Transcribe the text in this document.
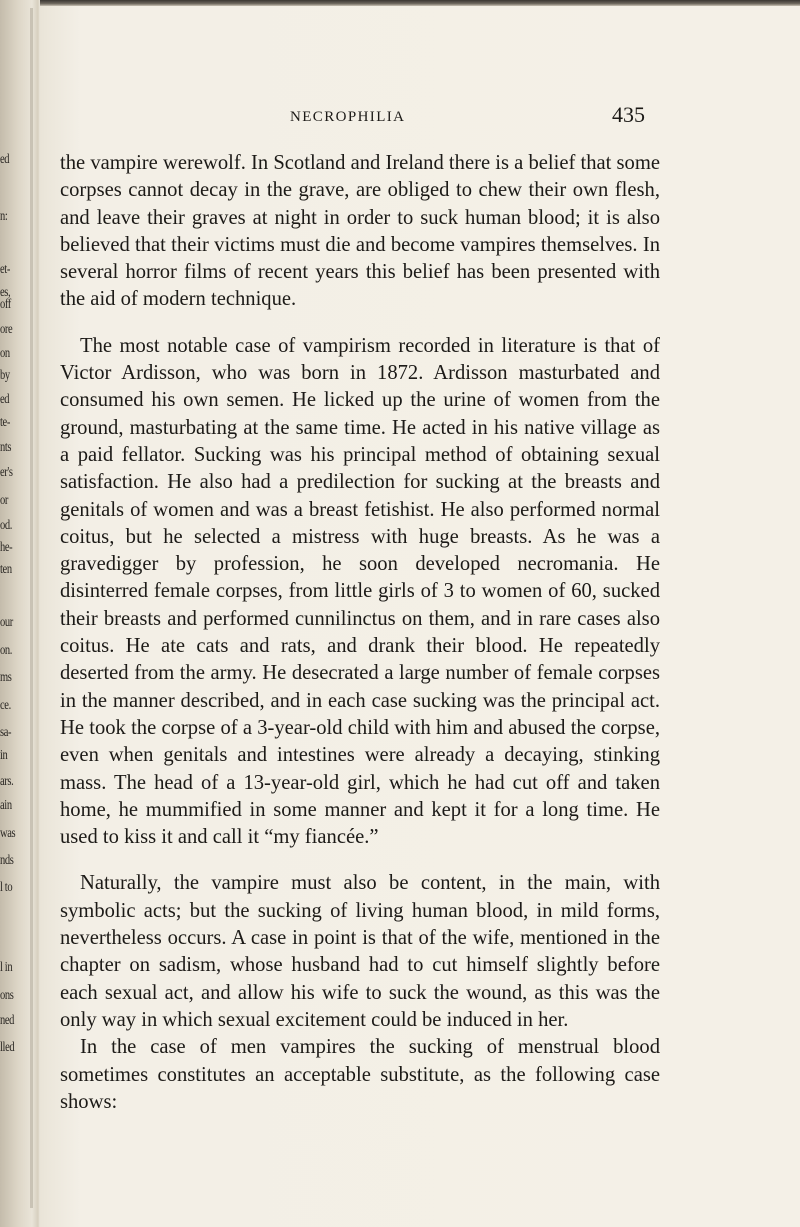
ed
n:
et-
es,
off
ore
on
by
ed
te-
nts
er's
or
od.
he-
ten
our
on.
ms
ce.
sa-
in
ars.
ain
was
nds
l to
l in
ons
ned
lled
NECROPHILIA	435

the vampire werewolf. In Scotland and Ireland there is a belief that some corpses cannot decay in the grave, are obliged to chew their own flesh, and leave their graves at night in order to suck human blood; it is also believed that their victims must die and become vampires themselves. In several horror films of recent years this belief has been presented with the aid of modern technique.

The most notable case of vampirism recorded in literature is that of Victor Ardisson, who was born in 1872. Ardisson masturbated and consumed his own semen. He licked up the urine of women from the ground, masturbating at the same time. He acted in his native village as a paid fellator. Sucking was his principal method of obtaining sexual satisfaction. He also had a predilection for sucking at the breasts and genitals of women and was a breast fetishist. He also performed normal coitus, but he selected a mistress with huge breasts. As he was a gravedigger by profession, he soon developed necromania. He disinterred female corpses, from little girls of 3 to women of 60, sucked their breasts and performed cunnilinctus on them, and in rare cases also coitus. He ate cats and rats, and drank their blood. He repeatedly deserted from the army. He desecrated a large number of female corpses in the manner described, and in each case sucking was the principal act. He took the corpse of a 3-year-old child with him and abused the corpse, even when genitals and intestines were already a decaying, stinking mass. The head of a 13-year-old girl, which he had cut off and taken home, he mummified in some manner and kept it for a long time. He used to kiss it and call it “my fiancée.”

Naturally, the vampire must also be content, in the main, with symbolic acts; but the sucking of living human blood, in mild forms, nevertheless occurs. A case in point is that of the wife, mentioned in the chapter on sadism, whose husband had to cut himself slightly before each sexual act, and allow his wife to suck the wound, as this was the only way in which sexual excitement could be induced in her.

In the case of men vampires the sucking of menstrual blood sometimes constitutes an acceptable substitute, as the following case shows:
